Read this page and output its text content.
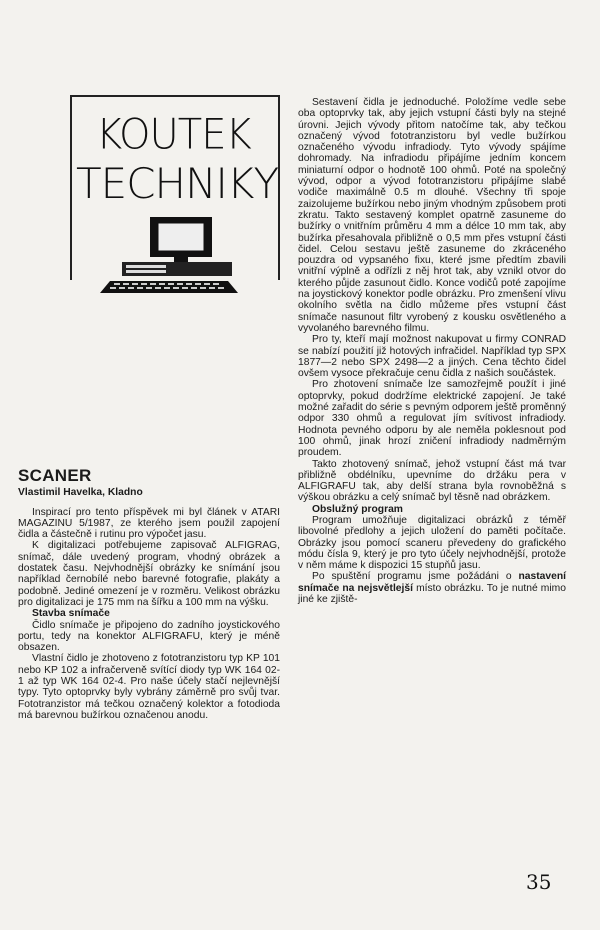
KOUTEK
TECHNIKY
SCANER
Vlastimil Havelka, Kladno

Inspirací pro tento příspěvek mi byl článek v ATARI MAGAZINU 5/1987, ze kterého jsem použil zapojení čidla a částečně i rutinu pro výpočet jasu.

K digitalizaci potřebujeme zapisovač ALFIGRAG, snímač, dále uvedený program, vhodný obrázek a dostatek času. Nejvhodnější obrázky ke snímání jsou například černobílé nebo barevné fotografie, plakáty a podobně. Jediné omezení je v rozměru. Velikost obrázku pro digitalizaci je 175 mm na šířku a 100 mm na výšku.

Stavba snímače

Čidlo snímače je připojeno do zadního joystickového portu, tedy na konektor ALFIGRAFU, který je méně obsazen.

Vlastní čidlo je zhotoveno z fototranzistoru typ KP 101 nebo KP 102 a infračerveně svítící diody typ WK 164 02-1 až typ WK 164 02-4. Pro naše účely stačí nejlevnější typy. Tyto optoprvky byly vybrány záměrně pro svůj tvar. Fototranzistor má tečkou označený kolektor a fotodioda má barevnou bužírkou označenou anodu.

Sestavení čidla je jednoduché. Položíme vedle sebe oba optoprvky tak, aby jejich vstupní části byly na stejné úrovni. Jejich vývody přitom natočíme tak, aby tečkou označený vývod fototranzistoru byl vedle bužírkou označeného vývodu infradiody. Tyto vývody spájíme dohromady. Na infradiodu připájíme jedním koncem miniaturní odpor o hodnotě 100 ohmů. Poté na společný vývod, odpor a vývod fototranzistoru připájíme slabé vodiče maximálně 0.5 m dlouhé. Všechny tři spoje zaizolujeme bužírkou nebo jiným vhodným způsobem proti zkratu. Takto sestavený komplet opatrně zasuneme do bužírky o vnitřním průměru 4 mm a délce 10 mm tak, aby bužírka přesahovala přibližně o 0,5 mm přes vstupní části čidel. Celou sestavu ještě zasuneme do zkráceného pouzdra od vypsaného fixu, které jsme předtím zbavili vnitřní výplně a odřízli z něj hrot tak, aby vznikl otvor do kterého půjde zasunout čidlo. Konce vodičů poté zapojíme na joystickový konektor podle obrázku. Pro zmenšení vlivu okolního světla na čidlo můžeme přes vstupní část snímače nasunout filtr vyrobený z kousku osvětleného a vyvolaného barevného filmu.

Pro ty, kteří mají možnost nakupovat u firmy CONRAD se nabízí použití již hotových infračidel. Například typ SPX 1877—2 nebo SPX 2498—2 a jiných. Cena těchto čidel ovšem vysoce překračuje cenu čidla z našich součástek.

Pro zhotovení snímače lze samozřejmě použít i jiné optoprvky, pokud dodržíme elektrické zapojení. Je také možné zařadit do série s pevným odporem ještě proměnný odpor 330 ohmů a regulovat jím svítivost infradiody. Hodnota pevného odporu by ale neměla poklesnout pod 100 ohmů, jinak hrozí zničení infradiody nadměrným proudem.

Takto zhotovený snímač, jehož vstupní část má tvar přibližně obdélníku, upevníme do držáku pera v ALFIGRAFU tak, aby delší strana byla rovnoběžná s výškou obrázku a celý snímač byl těsně nad obrázkem.

Obslužný program

Program umožňuje digitalizaci obrázků z téměř libovolné předlohy a jejich uložení do paměti počítače. Obrázky jsou pomocí scaneru převedeny do grafického módu čísla 9, který je pro tyto účely nejvhodnější, protože v něm máme k dispozici 15 stupňů jasu.

Po spuštění programu jsme požádáni o nastavení snímače na nejsvětlejší místo obrázku. To je nutné mimo jiné ke zjiště-

35
